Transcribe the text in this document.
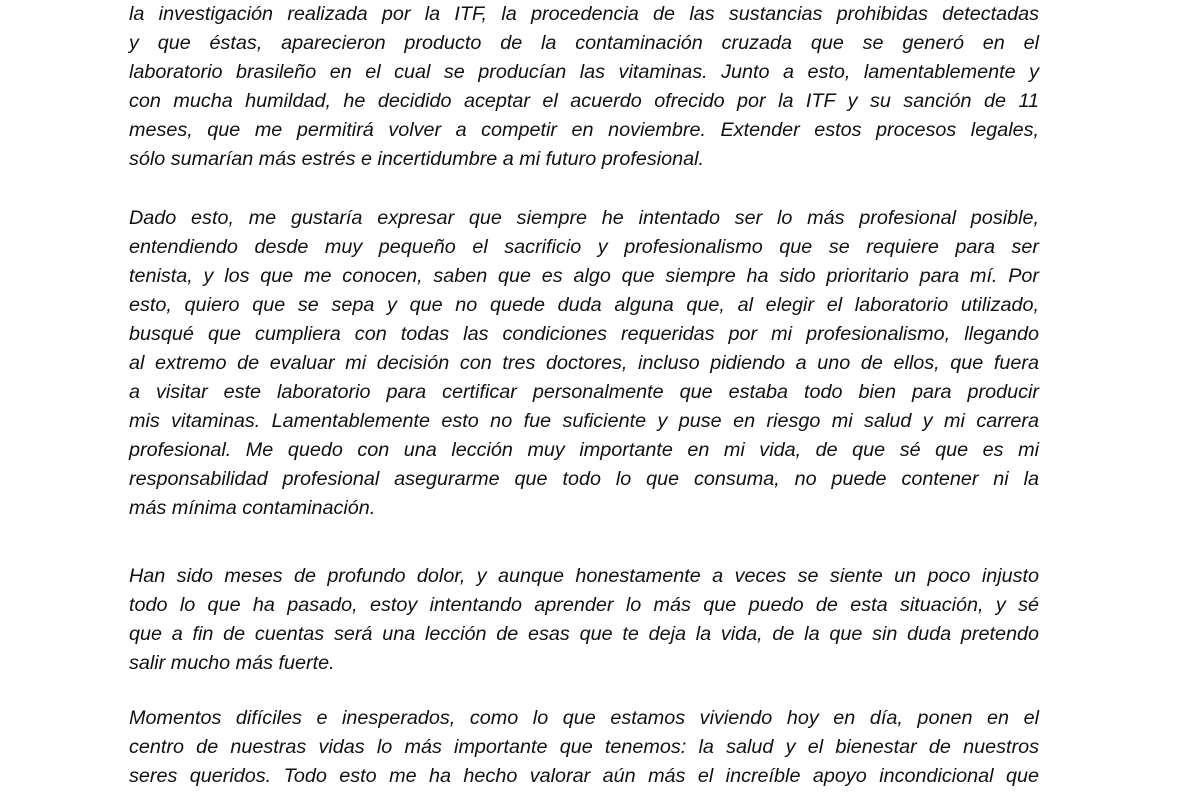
la investigación realizada por la ITF, la procedencia de las sustancias prohibidas detectadas
y que éstas, aparecieron producto de la contaminación cruzada que se generó en el
laboratorio brasileño en el cual se producían las vitaminas. Junto a esto, lamentablemente y
con mucha humildad, he decidido aceptar el acuerdo ofrecido por la ITF y su sanción de 11
meses, que me permitirá volver a competir en noviembre. Extender estos procesos legales,
sólo sumarían más estrés e incertidumbre a mi futuro profesional.
Dado esto, me gustaría expresar que siempre he intentado ser lo más profesional posible,
entendiendo desde muy pequeño el sacrificio y profesionalismo que se requiere para ser
tenista, y los que me conocen, saben que es algo que siempre ha sido prioritario para mí. Por
esto, quiero que se sepa y que no quede duda alguna que, al elegir el laboratorio utilizado,
busqué que cumpliera con todas las condiciones requeridas por mi profesionalismo, llegando
al extremo de evaluar mi decisión con tres doctores, incluso pidiendo a uno de ellos, que fuera
a visitar este laboratorio para certificar personalmente que estaba todo bien para producir
mis vitaminas. Lamentablemente esto no fue suficiente y puse en riesgo mi salud y mi carrera
profesional. Me quedo con una lección muy importante en mi vida, de que sé que es mi
responsabilidad profesional asegurarme que todo lo que consuma, no puede contener ni la
más mínima contaminación.
Han sido meses de profundo dolor, y aunque honestamente a veces se siente un poco injusto
todo lo que ha pasado, estoy intentando aprender lo más que puedo de esta situación, y sé
que a fin de cuentas será una lección de esas que te deja la vida, de la que sin duda pretendo
salir mucho más fuerte.
Momentos difíciles e inesperados, como lo que estamos viviendo hoy en día, ponen en el
centro de nuestras vidas lo más importante que tenemos: la salud y el bienestar de nuestros
seres queridos. Todo esto me ha hecho valorar aún más el increíble apoyo incondicional que
